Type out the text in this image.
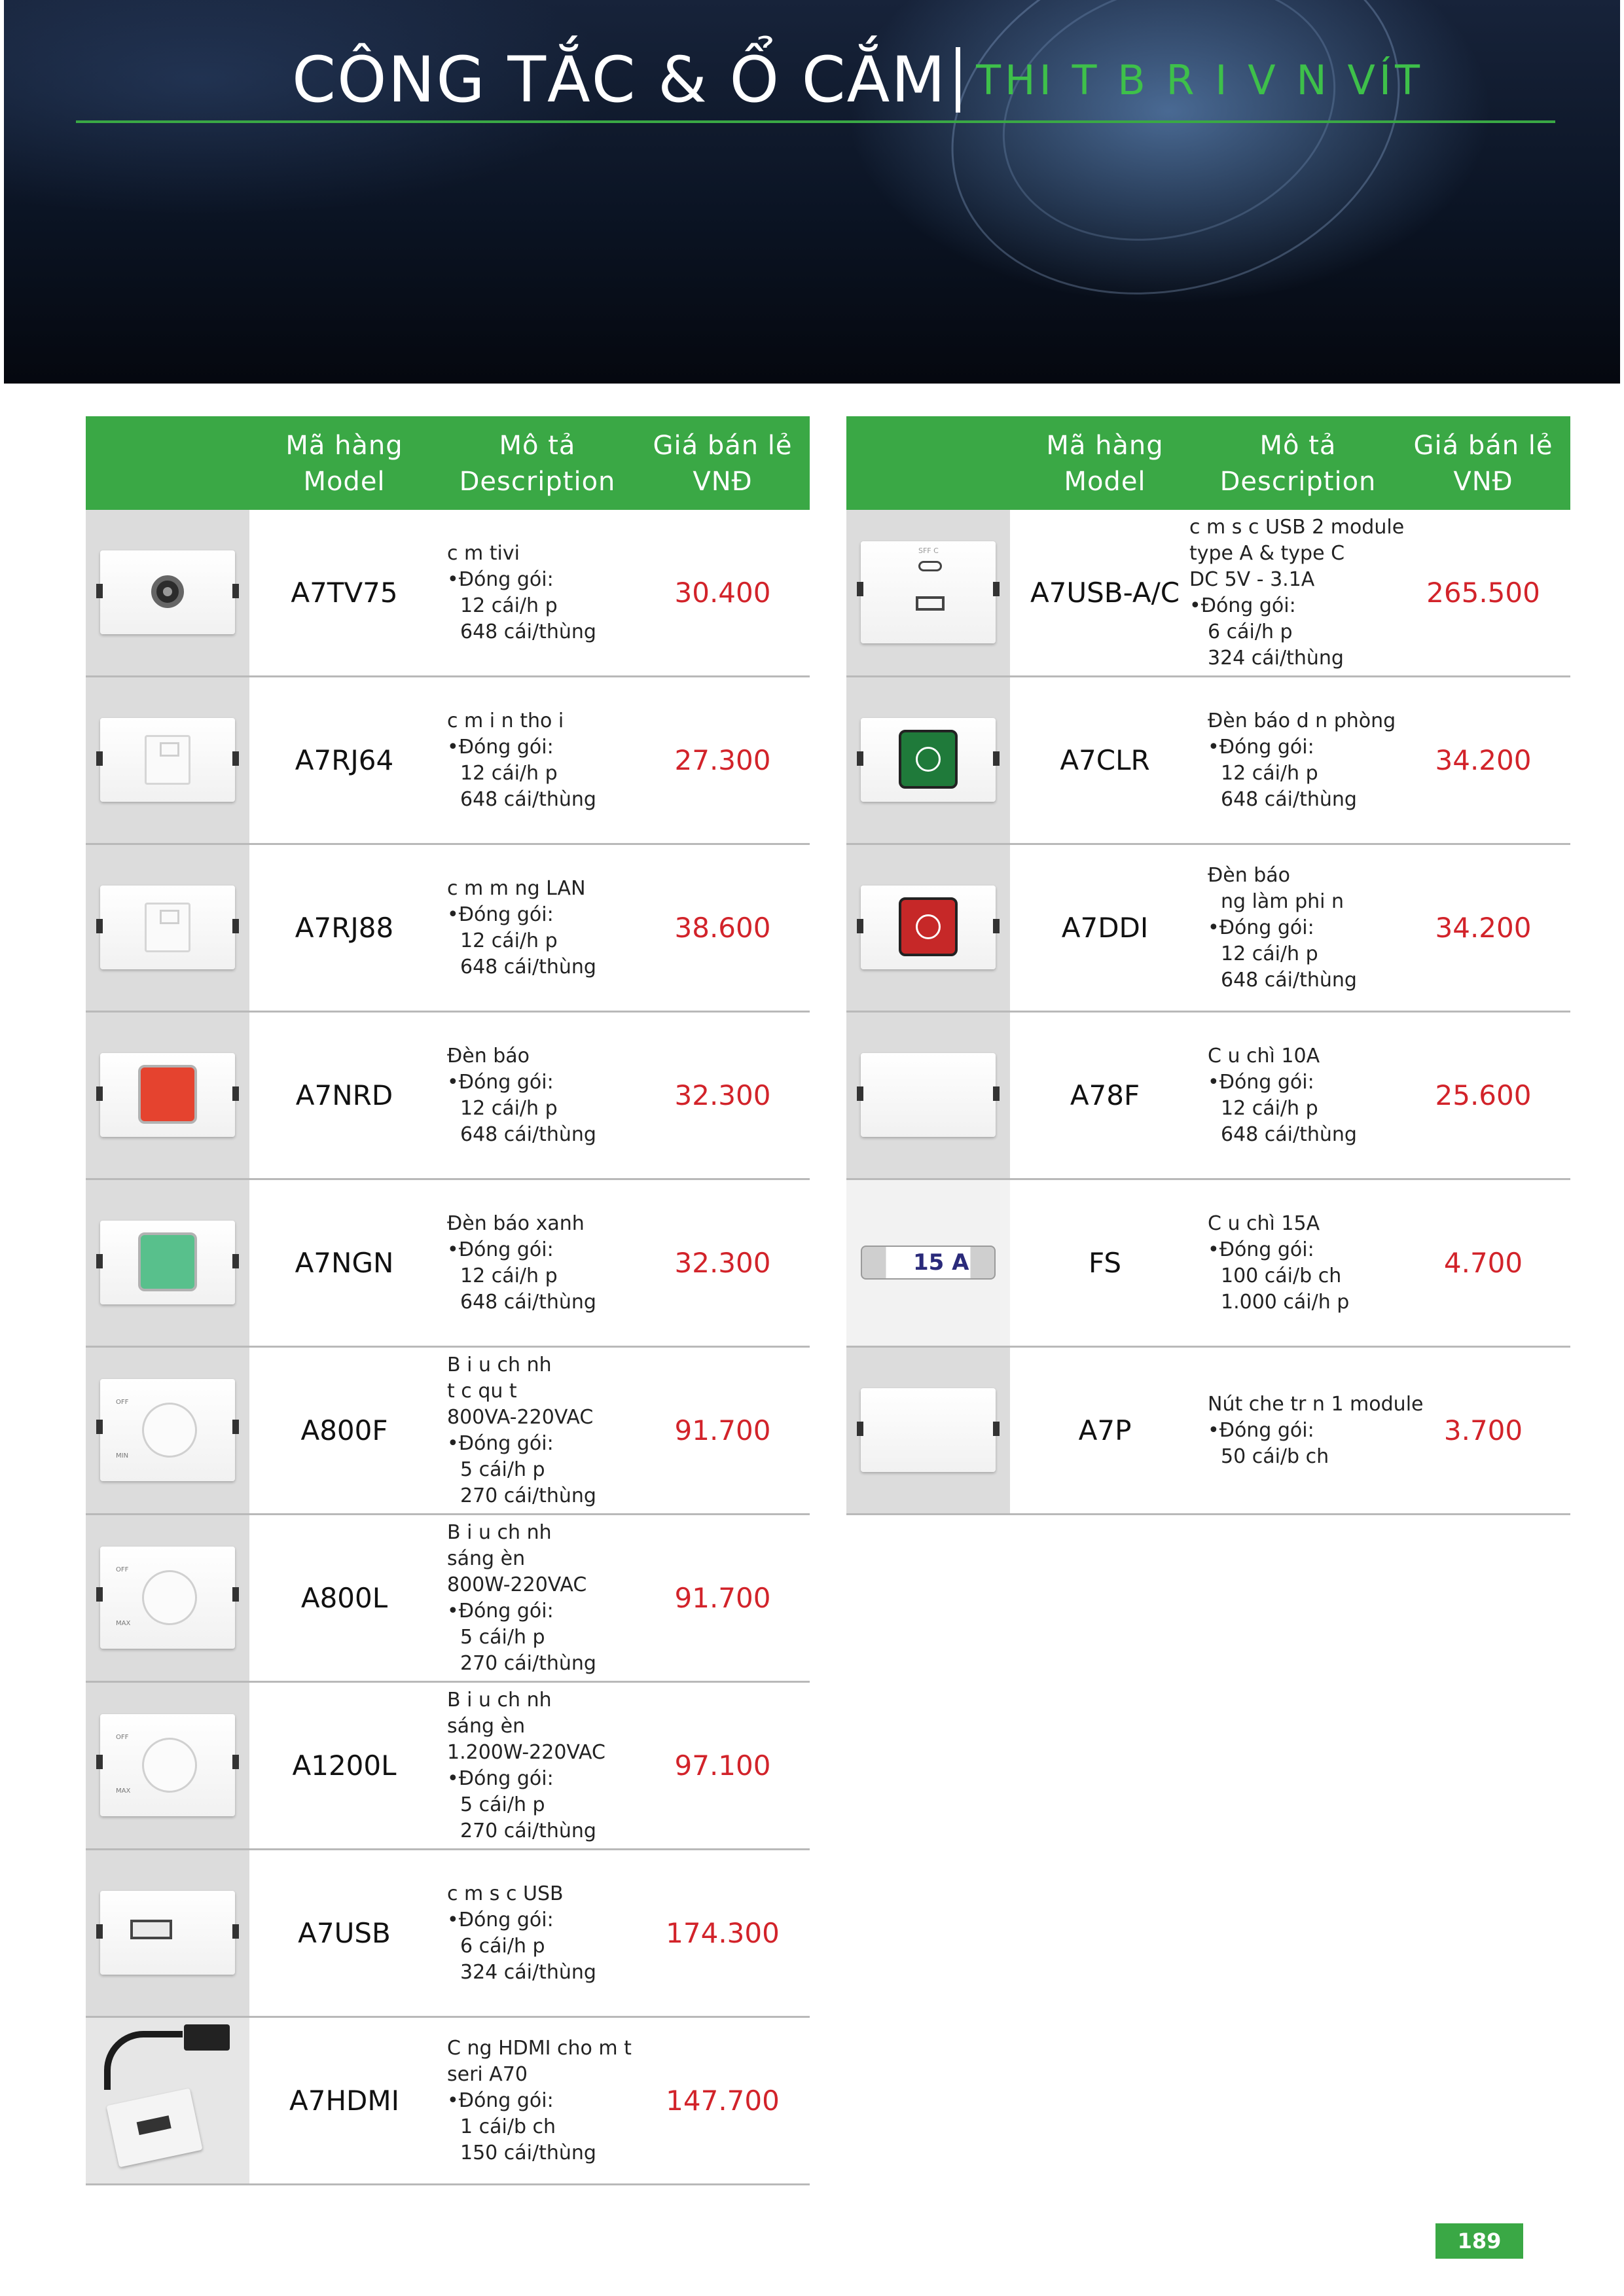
CÔNG TẮC & Ổ CẮM THI T B R I V N VÍT
Mã hàng
Model
Mô tả
Description
Giá bán lẻ
VNĐ
A7TV75
c m tivi
•Đóng gói:
12 cái/h p
648 cái/thùng
30.400
A7RJ64
c m i n tho i
•Đóng gói:
12 cái/h p
648 cái/thùng
27.300
A7RJ88
c m m ng LAN
•Đóng gói:
12 cái/h p
648 cái/thùng
38.600
A7NRD
Đèn báo
•Đóng gói:
12 cái/h p
648 cái/thùng
32.300
A7NGN
Đèn báo xanh
•Đóng gói:
12 cái/h p
648 cái/thùng
32.300
OFF
MIN
A800F
B i u ch nh
t c qu t
800VA-220VAC
•Đóng gói:
5 cái/h p
270 cái/thùng
91.700
OFF
MAX
A800L
B i u ch nh
sáng èn
800W-220VAC
•Đóng gói:
5 cái/h p
270 cái/thùng
91.700
OFF
MAX
A1200L
B i u ch nh
sáng èn
1.200W-220VAC
•Đóng gói:
5 cái/h p
270 cái/thùng
97.100
A7USB
c m s c USB
•Đóng gói:
6 cái/h p
324 cái/thùng
174.300
A7HDMI
C ng HDMI cho m t
seri A70
•Đóng gói:
1 cái/b ch
150 cái/thùng
147.700
Mã hàng
Model
Mô tả
Description
Giá bán lẻ
VNĐ
SFF C
A7USB-A/C
c m s c USB 2 module
type A & type C
DC 5V - 3.1A
•Đóng gói:
6 cái/h p
324 cái/thùng
265.500
A7CLR
Đèn báo d n phòng
•Đóng gói:
12 cái/h p
648 cái/thùng
34.200
A7DDI
Đèn báo
ng làm phi n
•Đóng gói:
12 cái/h p
648 cái/thùng
34.200
A78F
C u chì 10A
•Đóng gói:
12 cái/h p
648 cái/thùng
25.600
15 A	FS
C u chì 15A
•Đóng gói:
100 cái/b ch
1.000 cái/h p
4.700
A7P
Nút che tr n 1 module
•Đóng gói:
50 cái/b ch
3.700
189
